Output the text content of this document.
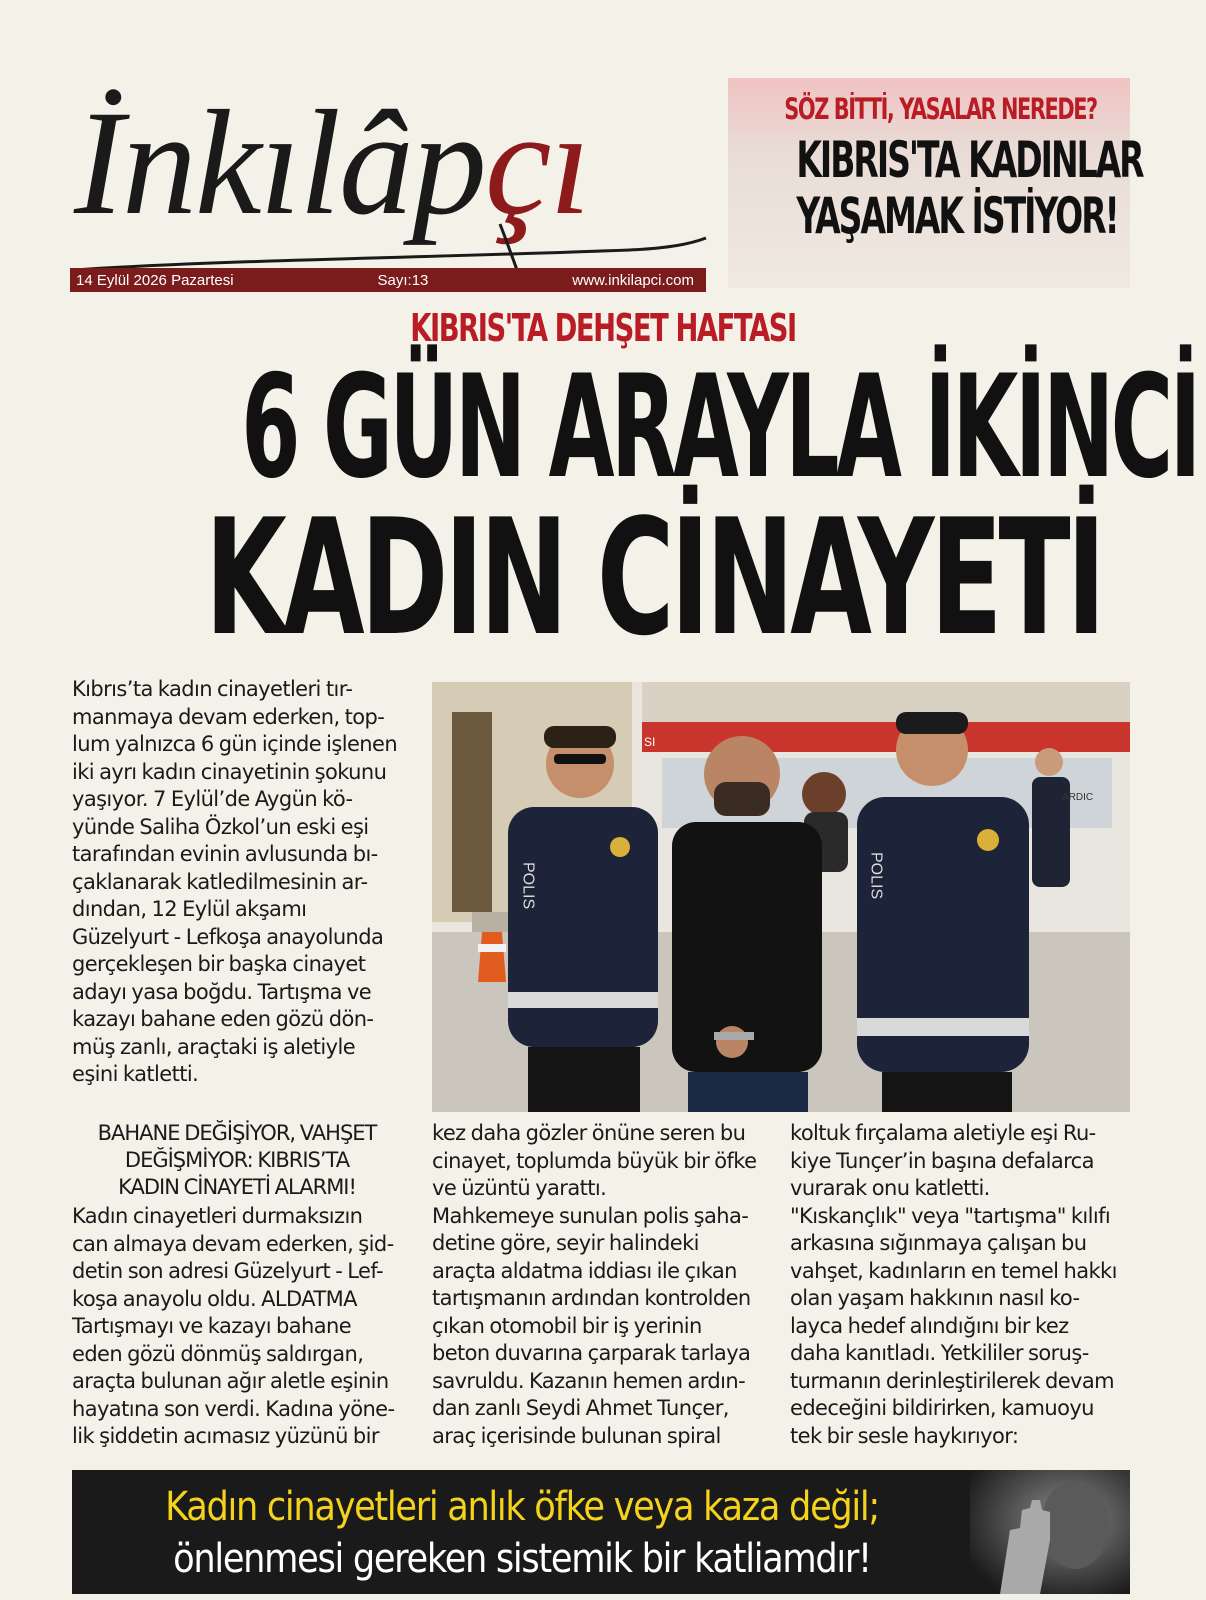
İnkılâpçı
14 Eylül 2026 Pazartesi	Sayı:13	www.inkilapci.com
SÖZ BİTTİ, YASALAR NEREDE?
KIBRIS'TA KADINLAR
YAŞAMAK İSTİYOR!
KIBRIS'TA DEHŞET HAFTASI
6 GÜN ARAYLA İKİNCİ
KADIN CİNAYETİ
Kıbrıs’ta kadın cinayetleri tır-
manmaya devam ederken, top-
lum yalnızca 6 gün içinde işlenen
iki ayrı kadın cinayetinin şokunu
yaşıyor. 7 Eylül’de Aygün kö-
yünde Saliha Özkol’un eski eşi
tarafından evinin avlusunda bı-
çaklanarak katledilmesinin ar-
dından, 12 Eylül akşamı
Güzelyurt - Lefkoşa anayolunda
gerçekleşen bir başka cinayet
adayı yasa boğdu. Tartışma ve
kazayı bahane eden gözü dön-
müş zanlı, araçtaki iş aletiyle
eşini katletti.
POLIS	POLIS
SI
ARDIC
BAHANE DEĞİŞİYOR, VAHŞET
DEĞİŞMİYOR: KIBRIS’TA
KADIN CİNAYETİ ALARMI!
Kadın cinayetleri durmaksızın
can almaya devam ederken, şid-
detin son adresi Güzelyurt - Lef-
koşa anayolu oldu. ALDATMA
Tartışmayı ve kazayı bahane
eden gözü dönmüş saldırgan,
araçta bulunan ağır aletle eşinin
hayatına son verdi. Kadına yöne-
lik şiddetin acımasız yüzünü bir
kez daha gözler önüne seren bu
cinayet, toplumda büyük bir öfke
ve üzüntü yarattı.
Mahkemeye sunulan polis şaha-
detine göre, seyir halindeki
araçta aldatma iddiası ile çıkan
tartışmanın ardından kontrolden
çıkan otomobil bir iş yerinin
beton duvarına çarparak tarlaya
savruldu. Kazanın hemen ardın-
dan zanlı Seydi Ahmet Tunçer,
araç içerisinde bulunan spiral
koltuk fırçalama aletiyle eşi Ru-
kiye Tunçer’in başına defalarca
vurarak onu katletti.
"Kıskançlık" veya "tartışma" kılıfı
arkasına sığınmaya çalışan bu
vahşet, kadınların en temel hakkı
olan yaşam hakkının nasıl ko-
layca hedef alındığını bir kez
daha kanıtladı. Yetkililer soruş-
turmanın derinleştirilerek devam
edeceğini bildirirken, kamuoyu
tek bir sesle haykırıyor:
Kadın cinayetleri anlık öfke veya kaza değil;
önlenmesi gereken sistemik bir katliamdır!
